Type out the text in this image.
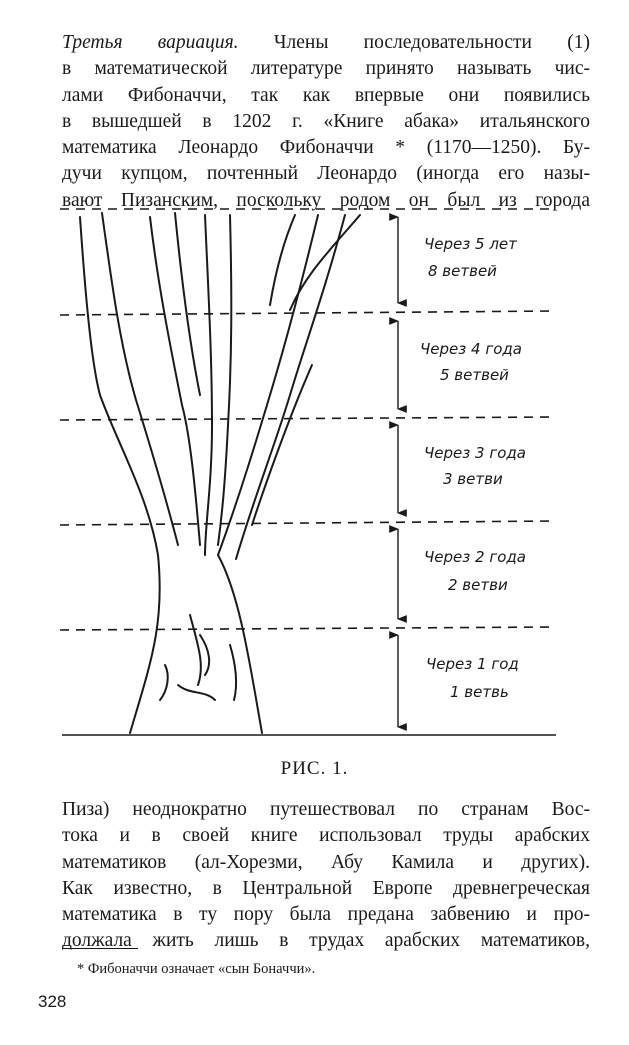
Третья вариация. Члены последовательности (1)
в математической литературе принято называть чис-
лами Фибоначчи, так как впервые они появились
в вышедшей в 1202 г. «Книге абака» итальянского
математика Леонардо Фибоначчи * (1170—1250). Бу-
дучи купцом, почтенный Леонардо (иногда его назы-
вают Пизанским, поскольку родом он был из города
Через 5 лет
8 ветвей
Через 4 года
5 ветвей
Через 3 года
3 ветви
Через 2 года
2 ветви
Через 1 год
1 ветвь
РИС. 1.
Пиза) неоднократно путешествовал по странам Вос-
тока и в своей книге использовал труды арабских
математиков (ал-Хорезми, Абу Камила и других).
Как известно, в Центральной Европе древнегреческая
математика в ту пору была предана забвению и про-
должала жить лишь в трудах арабских математиков,
* Фибоначчи означает «сын Боначчи».
328
